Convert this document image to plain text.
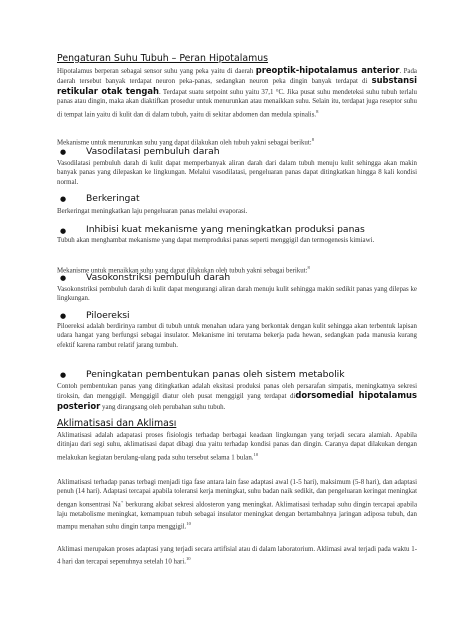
Pengaturan Suhu Tubuh – Peran Hipotalamus
Hipotalamus berperan sebagai sensor suhu yang peka yaitu di daerah preoptik-hipotalamus anterior. Pada daerah tersebut banyak terdapat neuron peka-panas, sedangkan neuron peka dingin banyak terdapat di substansi retikular otak tengah. Terdapat suatu setpoint suhu yaitu 37,1 °C. Jika pusat suhu mendeteksi suhu tubuh terlalu panas atau dingin, maka akan diaktifkan prosedur untuk menurunkan atau menaikkan suhu. Selain itu, terdapat juga reseptor suhu di tempat lain yaitu di kulit dan di dalam tubuh, yaitu di sekitar abdomen dan medula spinalis.$^8$
Mekanisme untuk menurunkan suhu yang dapat dilakukan oleh tubuh yakni sebagai berikut:$^8$
● Vasodilatasi pembuluh darah
Vasodilatasi pembuluh darah di kulit dapat memperbanyak aliran darah dari dalam tubuh menuju kulit sehingga akan makin banyak panas yang dilepaskan ke lingkungan. Melalui vasodilatasi, pengeluaran panas dapat ditingkatkan hingga 8 kali kondisi normal.
● Berkeringat
Berkeringat meningkatkan laju pengeluaran panas melalui evaporasi.
● Inhibisi kuat mekanisme yang meningkatkan produksi panas
Tubuh akan menghambat mekanisme yang dapat memproduksi panas seperti menggigil dan termogenesis kimiawi.
Mekanisme untuk menaikkan suhu yang dapat dilakukan oleh tubuh yakni sebagai berikut:$^8$
● Vasokonstriksi pembuluh darah
Vasokonstriksi pembuluh darah di kulit dapat mengurangi aliran darah menuju kulit sehingga makin sedikit panas yang dilepas ke lingkungan.
● Piloereksi
Piloereksi adalah berdirinya rambut di tubuh untuk menahan udara yang berkontak dengan kulit sehingga akan terbentuk lapisan udara hangat yang berfungsi sebagai insulator. Mekanisme ini terutama bekerja pada hewan, sedangkan pada manusia kurang efektif karena rambut relatif jarang tumbuh.
● Peningkatan pembentukan panas oleh sistem metabolik
Contoh pembentukan panas yang ditingkatkan adalah eksitasi produksi panas oleh persarafan simpatis, meningkatnya sekresi tiroksin, dan menggigil. Menggigil diatur oleh pusat menggigil yang terdapat didorsomedial hipotalamus posterior yang dirangsang oleh perubahan suhu tubuh.
Aklimatisasi dan Akliması
Aklimatisasi adalah adapatasi proses fisiologis terhadap berbagai keadaan lingkungan yang terjadi secara alamiah. Apabila ditinjau dari segi suhu, aklimatisasi dapat dibagi dua yaitu terhadap kondisi panas dan dingin. Caranya dapat dilakukan dengan melakukan kegiatan berulang-ulang pada suhu tersebut selama 1 bulan.$^{10}$
Aklimatisasi terhadap panas terbagi menjadi tiga fase antara lain fase adaptasi awal (1-5 hari), maksimum (5-8 hari), dan adaptasi penuh (14 hari). Adaptasi tercapai apabila toleransi kerja meningkat, suhu badan naik sedikit, dan pengeluaran keringat meningkat dengan konsentrasi Na+ berkurang akibat sekresi aldosteron yang meningkat. Aklimatisasi terhadap suhu dingin tercapai apabila laju metabolisme meningkat, kemampuan tubuh sebagai insulator meningkat dengan bertambahnya jaringan adiposa tubuh, dan mampu menahan suhu dingin tanpa menggigil.$^{10}$
Aklimasi merupakan proses adaptasi yang terjadi secara artifisial atau di dalam laboratorium. Aklimasi awal terjadi pada waktu 1-4 hari dan tercapai sepenuhnya setelah 10 hari.$^{10}$
